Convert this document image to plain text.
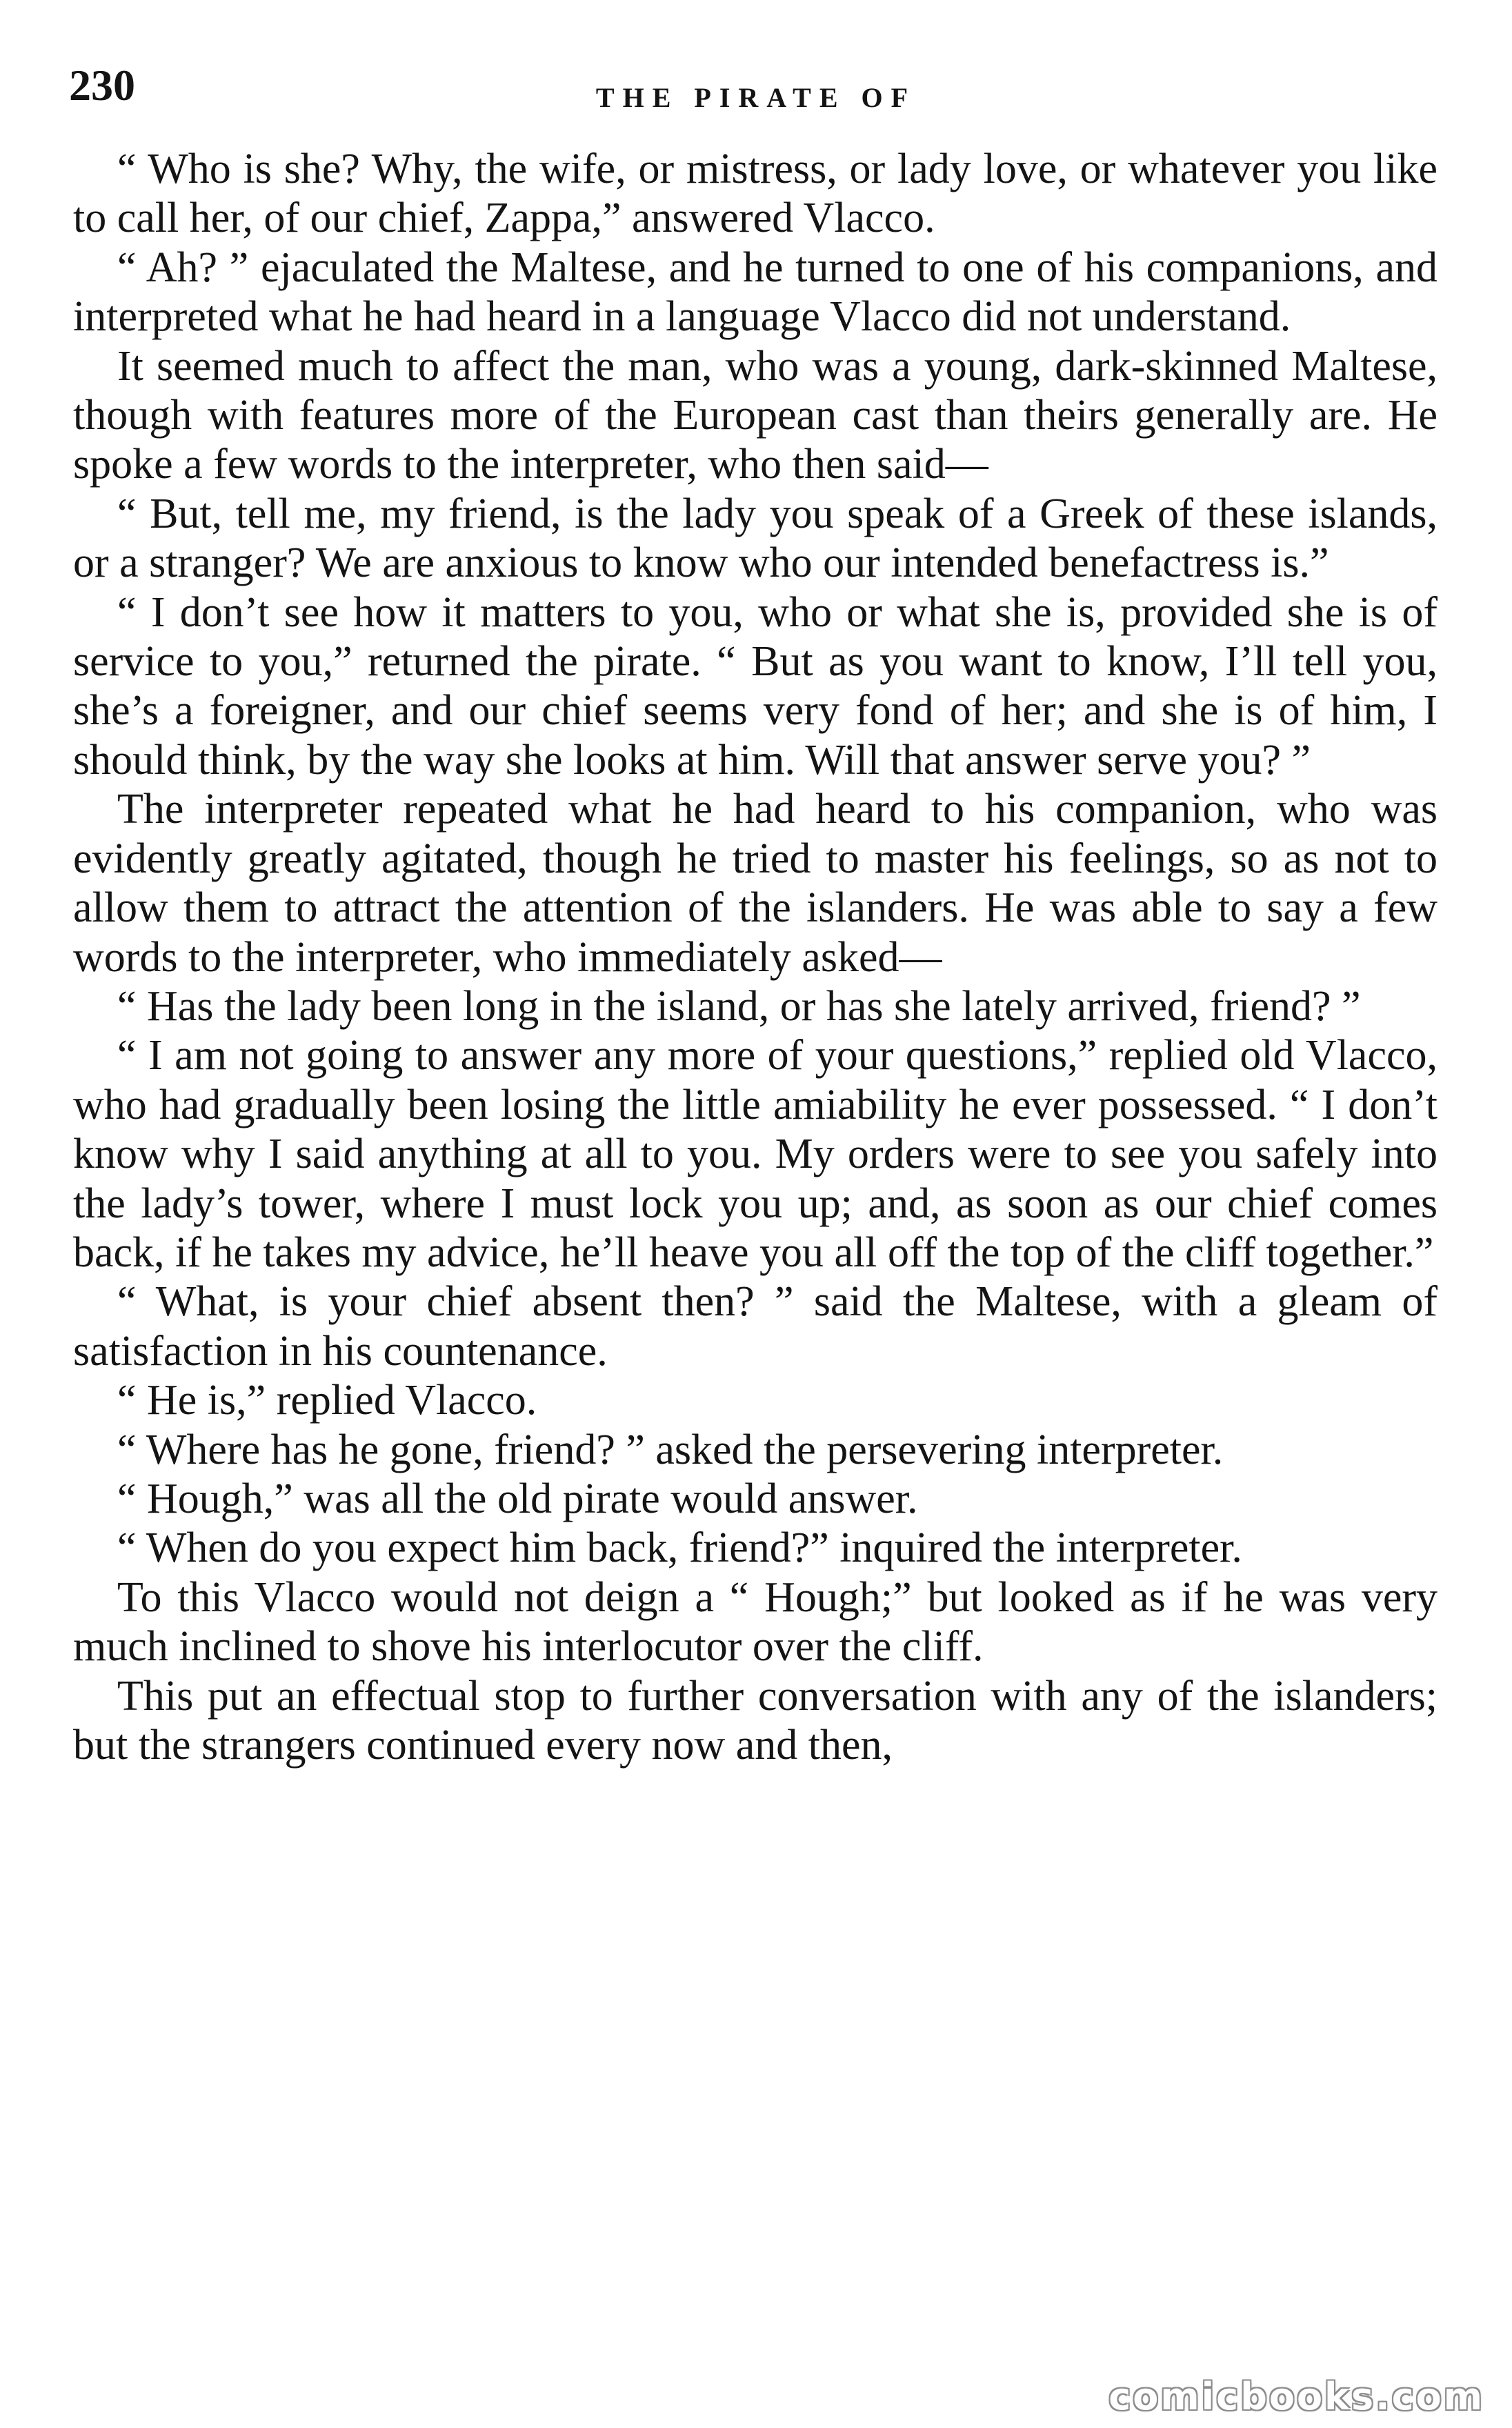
230	THE PIRATE OF

“ Who is she? Why, the wife, or mistress, or lady love, or whatever you like to call her, of our chief, Zappa,” answered Vlacco.

“ Ah? ” ejaculated the Maltese, and he turned to one of his companions, and interpreted what he had heard in a language Vlacco did not understand.

It seemed much to affect the man, who was a young, dark-skinned Maltese, though with features more of the European cast than theirs generally are. He spoke a few words to the interpreter, who then said—

“ But, tell me, my friend, is the lady you speak of a Greek of these islands, or a stranger? We are anxious to know who our intended benefactress is.”

“ I don’t see how it matters to you, who or what she is, provided she is of service to you,” returned the pirate. “ But as you want to know, I’ll tell you, she’s a foreigner, and our chief seems very fond of her; and she is of him, I should think, by the way she looks at him. Will that answer serve you? ”

The interpreter repeated what he had heard to his companion, who was evidently greatly agitated, though he tried to master his feelings, so as not to allow them to attract the attention of the islanders. He was able to say a few words to the interpreter, who immediately asked—

“ Has the lady been long in the island, or has she lately arrived, friend? ”

“ I am not going to answer any more of your questions,” replied old Vlacco, who had gradually been losing the little amiability he ever possessed. “ I don’t know why I said anything at all to you. My orders were to see you safely into the lady’s tower, where I must lock you up; and, as soon as our chief comes back, if he takes my advice, he’ll heave you all off the top of the cliff together.”

“ What, is your chief absent then? ” said the Maltese, with a gleam of satisfaction in his countenance.

“ He is,” replied Vlacco.

“ Where has he gone, friend? ” asked the persevering interpreter.

“ Hough,” was all the old pirate would answer.

“ When do you expect him back, friend?” inquired the interpreter.

To this Vlacco would not deign a “ Hough;” but looked as if he was very much inclined to shove his interlocutor over the cliff.

This put an effectual stop to further conversation with any of the islanders; but the strangers continued every now and then,

comicbooks.com
